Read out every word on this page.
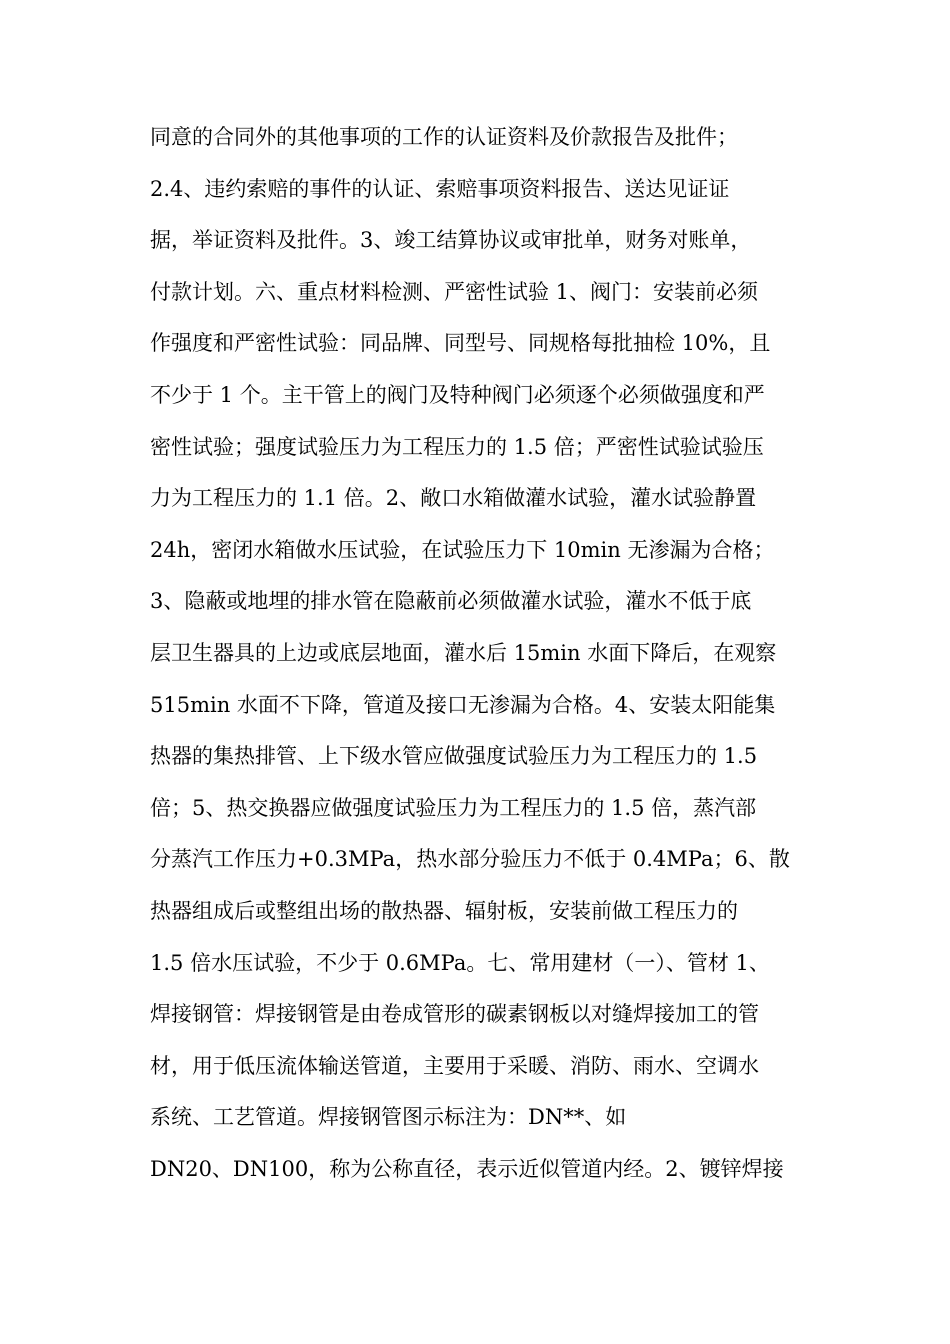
同意的合同外的其他事项的工作的认证资料及价款报告及批件；
2.4、违约索赔的事件的认证、索赔事项资料报告、送达见证证
据，举证资料及批件。3、竣工结算协议或审批单，财务对账单，
付款计划。六、重点材料检测、严密性试验 1、阀门：安装前必须
作强度和严密性试验：同品牌、同型号、同规格每批抽检 10%，且
不少于 1 个。主干管上的阀门及特种阀门必须逐个必须做强度和严
密性试验；强度试验压力为工程压力的 1.5 倍；严密性试验试验压
力为工程压力的 1.1 倍。2、敞口水箱做灌水试验，灌水试验静置
24h，密闭水箱做水压试验，在试验压力下 10min 无渗漏为合格；
3、隐蔽或地埋的排水管在隐蔽前必须做灌水试验，灌水不低于底
层卫生器具的上边或底层地面，灌水后 15min 水面下降后，在观察
515min 水面不下降，管道及接口无渗漏为合格。4、安装太阳能集
热器的集热排管、上下级水管应做强度试验压力为工程压力的 1.5
倍；5、热交换器应做强度试验压力为工程压力的 1.5 倍，蒸汽部
分蒸汽工作压力+0.3MPa，热水部分验压力不低于 0.4MPa；6、散
热器组成后或整组出场的散热器、辐射板，安装前做工程压力的
1.5 倍水压试验，不少于 0.6MPa。七、常用建材（一）、管材 1、
焊接钢管：焊接钢管是由卷成管形的碳素钢板以对缝焊接加工的管
材，用于低压流体输送管道，主要用于采暖、消防、雨水、空调水
系统、工艺管道。焊接钢管图示标注为：DN**、如
DN20、DN100，称为公称直径，表示近似管道内经。2、镀锌焊接
